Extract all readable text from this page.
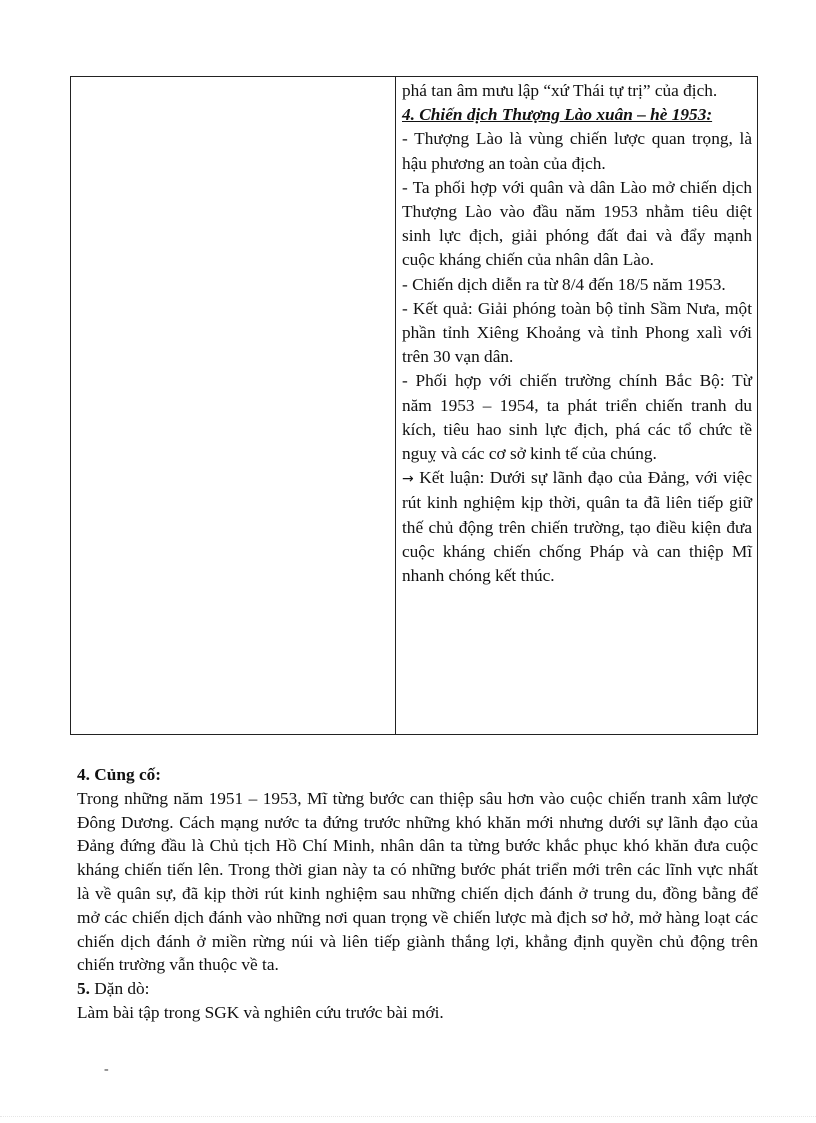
phá tan âm mưu lập “xứ Thái tự trị” của địch.

4. Chiến dịch Thượng Lào xuân – hè 1953:

- Thượng Lào là vùng chiến lược quan trọng, là hậu phương an toàn của địch.

- Ta phối hợp với quân và dân Lào mở chiến dịch Thượng Lào vào đầu năm 1953 nhằm tiêu diệt sinh lực địch, giải phóng đất đai và đẩy mạnh cuộc kháng chiến của nhân dân Lào.

- Chiến dịch diễn ra từ 8/4 đến 18/5 năm 1953.

- Kết quả: Giải phóng toàn bộ tỉnh Sầm Nưa, một phần tỉnh Xiêng Khoảng và tỉnh Phong xalì với trên 30 vạn dân.

- Phối hợp với chiến trường chính Bắc Bộ: Từ năm 1953 – 1954, ta phát triển chiến tranh du kích, tiêu hao sinh lực địch, phá các tổ chức tề nguỵ và các cơ sở kinh tế của chúng.

→ Kết luận: Dưới sự lãnh đạo của Đảng, với việc rút kinh nghiệm kịp thời, quân ta đã liên tiếp giữ thế chủ động trên chiến trường, tạo điều kiện đưa cuộc kháng chiến chống Pháp và can thiệp Mĩ nhanh chóng kết thúc.

4. Củng cố:

Trong những năm 1951 – 1953, Mĩ từng bước can thiệp sâu hơn vào cuộc chiến tranh xâm lược Đông Dương. Cách mạng nước ta đứng trước những khó khăn mới nhưng dưới sự lãnh đạo của Đảng đứng đầu là Chủ tịch Hồ Chí Minh, nhân dân ta từng bước khắc phục khó khăn đưa cuộc kháng chiến tiến lên. Trong thời gian này ta có những bước phát triển mới trên các lĩnh vực nhất là về quân sự, đã kịp thời rút kinh nghiệm sau những chiến dịch đánh ở trung du, đồng bằng để mở các chiến dịch đánh vào những nơi quan trọng về chiến lược mà địch sơ hở, mở hàng loạt các chiến dịch đánh ở miền rừng núi và liên tiếp giành thắng lợi, khẳng định quyền chủ động trên chiến trường vẫn thuộc về ta.

5. Dặn dò:

Làm bài tập trong SGK và nghiên cứu trước bài mới.

-
